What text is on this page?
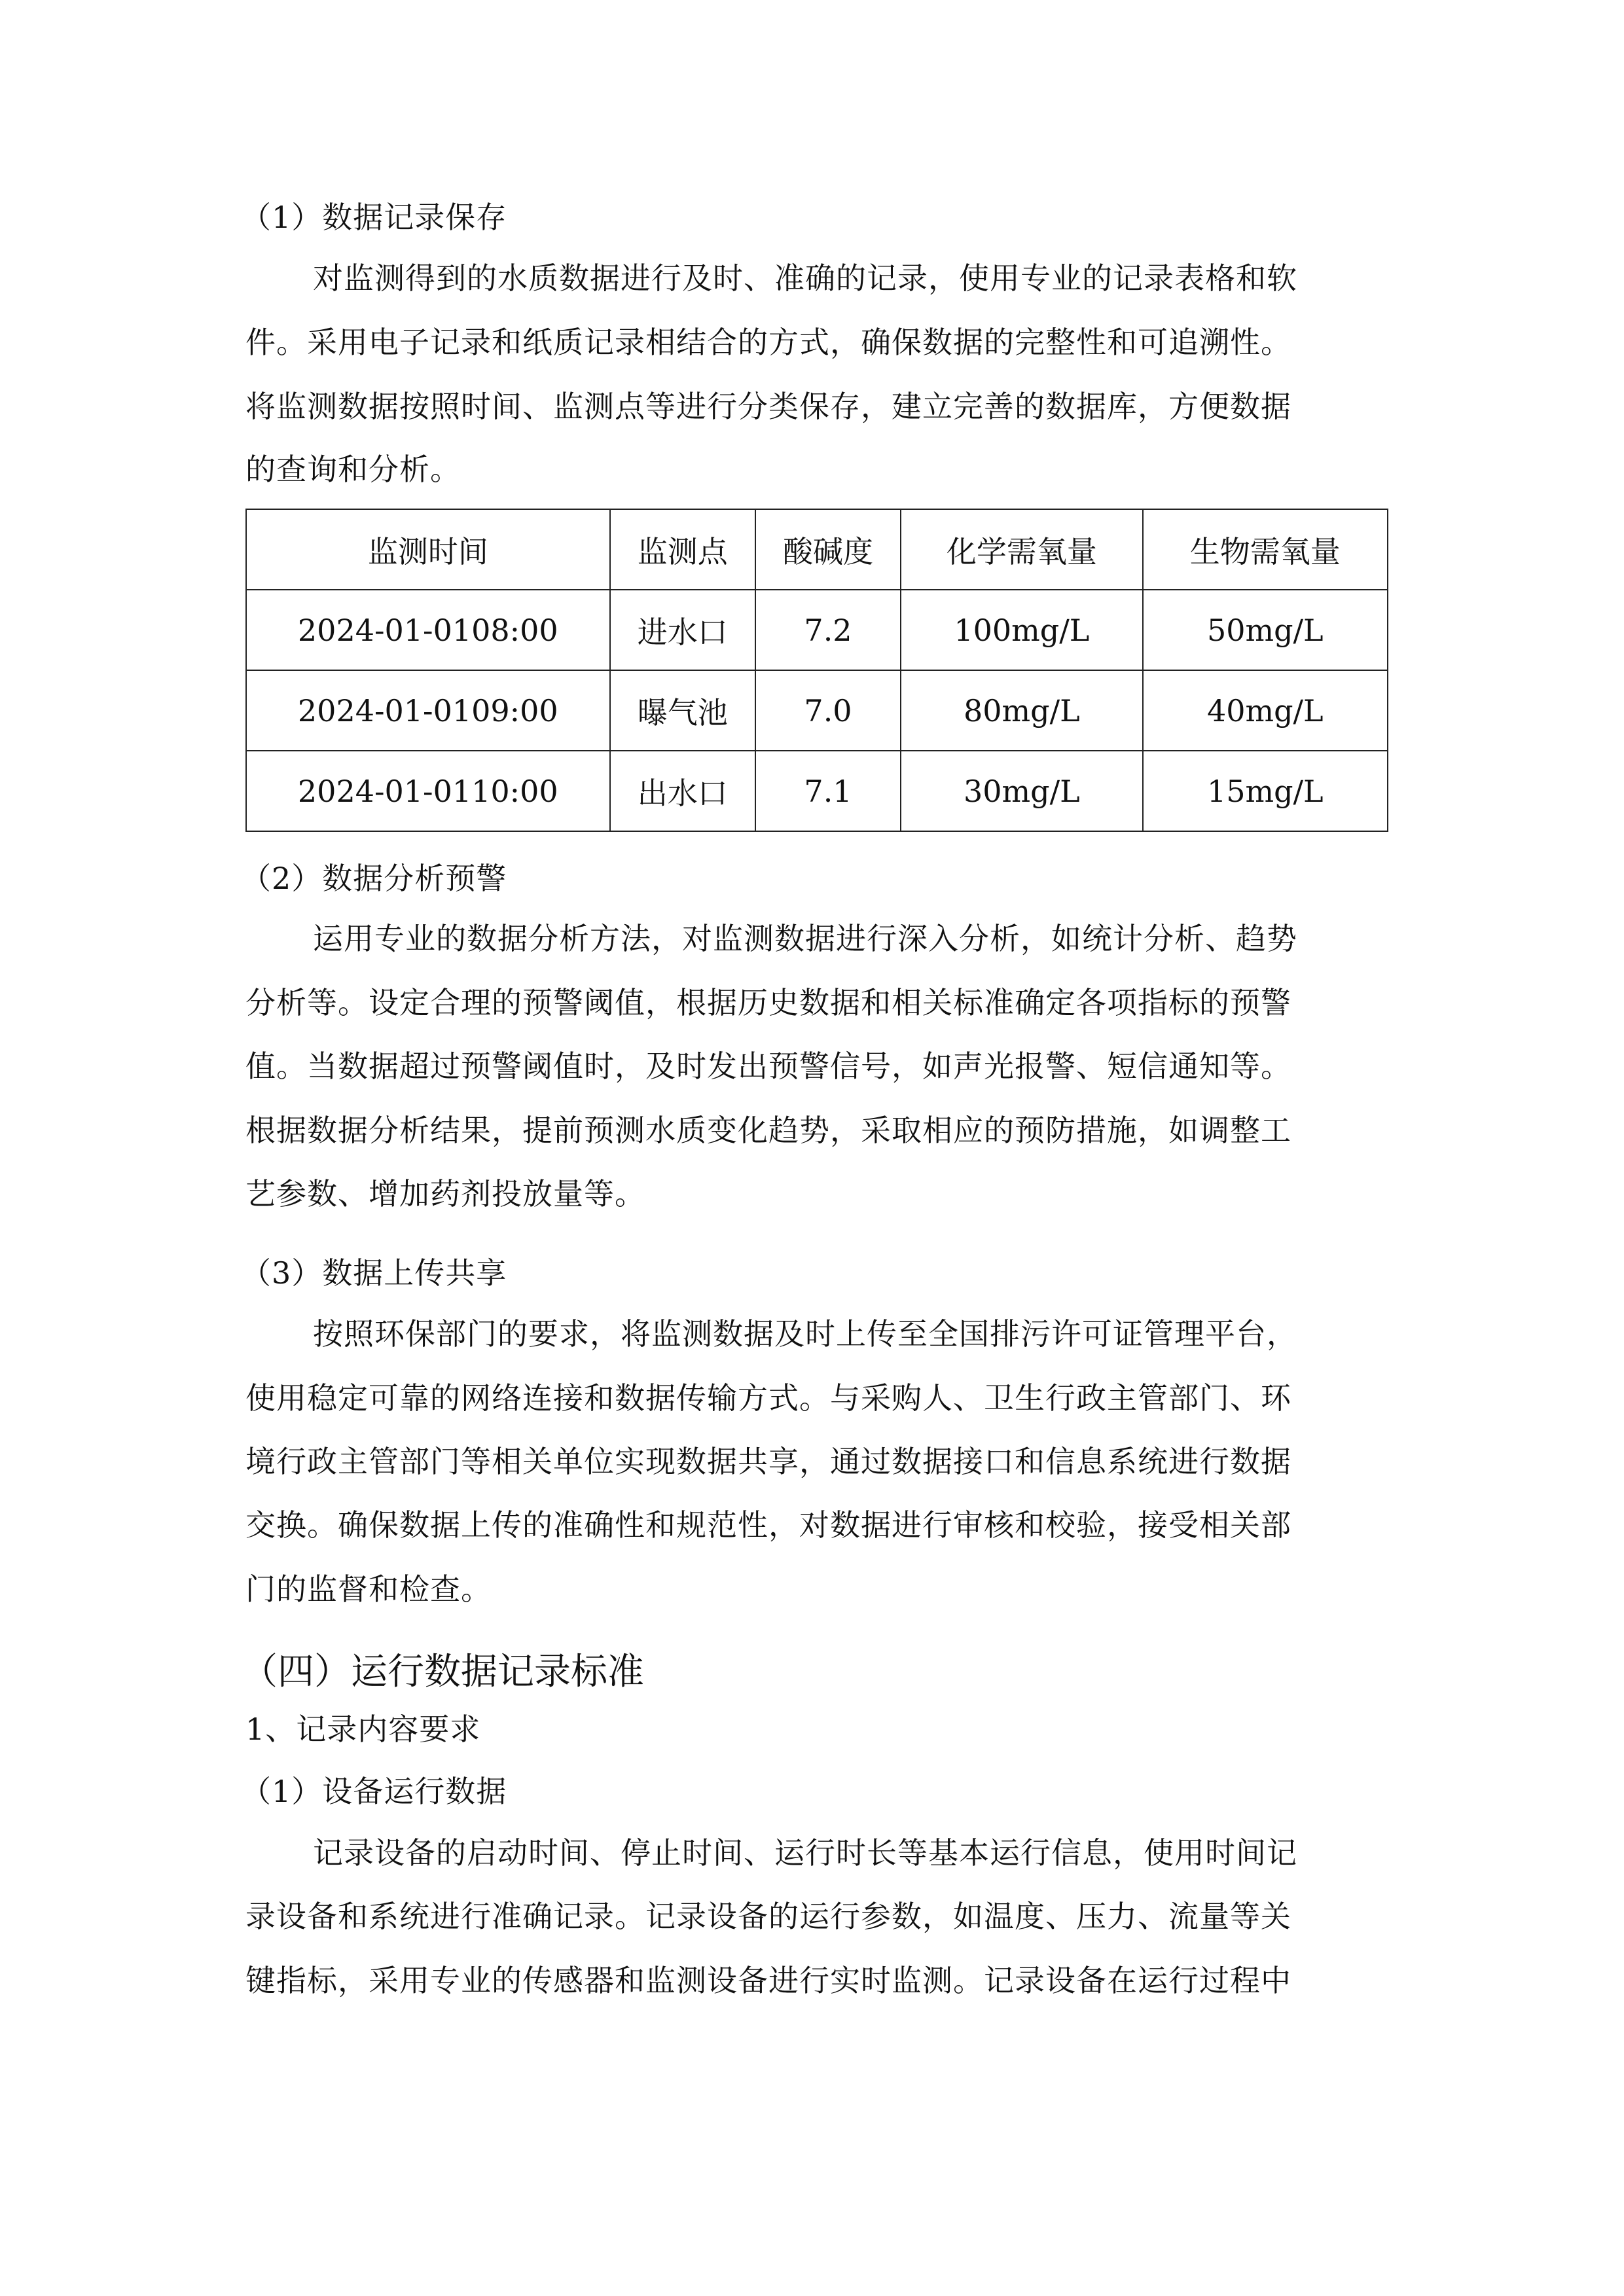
（1）数据记录保存
对监测得到的水质数据进行及时、准确的记录，使用专业的记录表格和软
件。采用电子记录和纸质记录相结合的方式，确保数据的完整性和可追溯性。
将监测数据按照时间、监测点等进行分类保存，建立完善的数据库，方便数据
的查询和分析。
监测时间	监测点	酸碱度	化学需氧量	生物需氧量
2024-01-0108:00	进水口	7.2	100mg/L	50mg/L
2024-01-0109:00	曝气池	7.0	80mg/L	40mg/L
2024-01-0110:00	出水口	7.1	30mg/L	15mg/L
（2）数据分析预警
运用专业的数据分析方法，对监测数据进行深入分析，如统计分析、趋势
分析等。设定合理的预警阈值，根据历史数据和相关标准确定各项指标的预警
值。当数据超过预警阈值时，及时发出预警信号，如声光报警、短信通知等。
根据数据分析结果，提前预测水质变化趋势，采取相应的预防措施，如调整工
艺参数、增加药剂投放量等。
（3）数据上传共享
按照环保部门的要求，将监测数据及时上传至全国排污许可证管理平台，
使用稳定可靠的网络连接和数据传输方式。与采购人、卫生行政主管部门、环
境行政主管部门等相关单位实现数据共享，通过数据接口和信息系统进行数据
交换。确保数据上传的准确性和规范性，对数据进行审核和校验，接受相关部
门的监督和检查。
（四）运行数据记录标准
1、记录内容要求
（1）设备运行数据
记录设备的启动时间、停止时间、运行时长等基本运行信息，使用时间记
录设备和系统进行准确记录。记录设备的运行参数，如温度、压力、流量等关
键指标，采用专业的传感器和监测设备进行实时监测。记录设备在运行过程中
